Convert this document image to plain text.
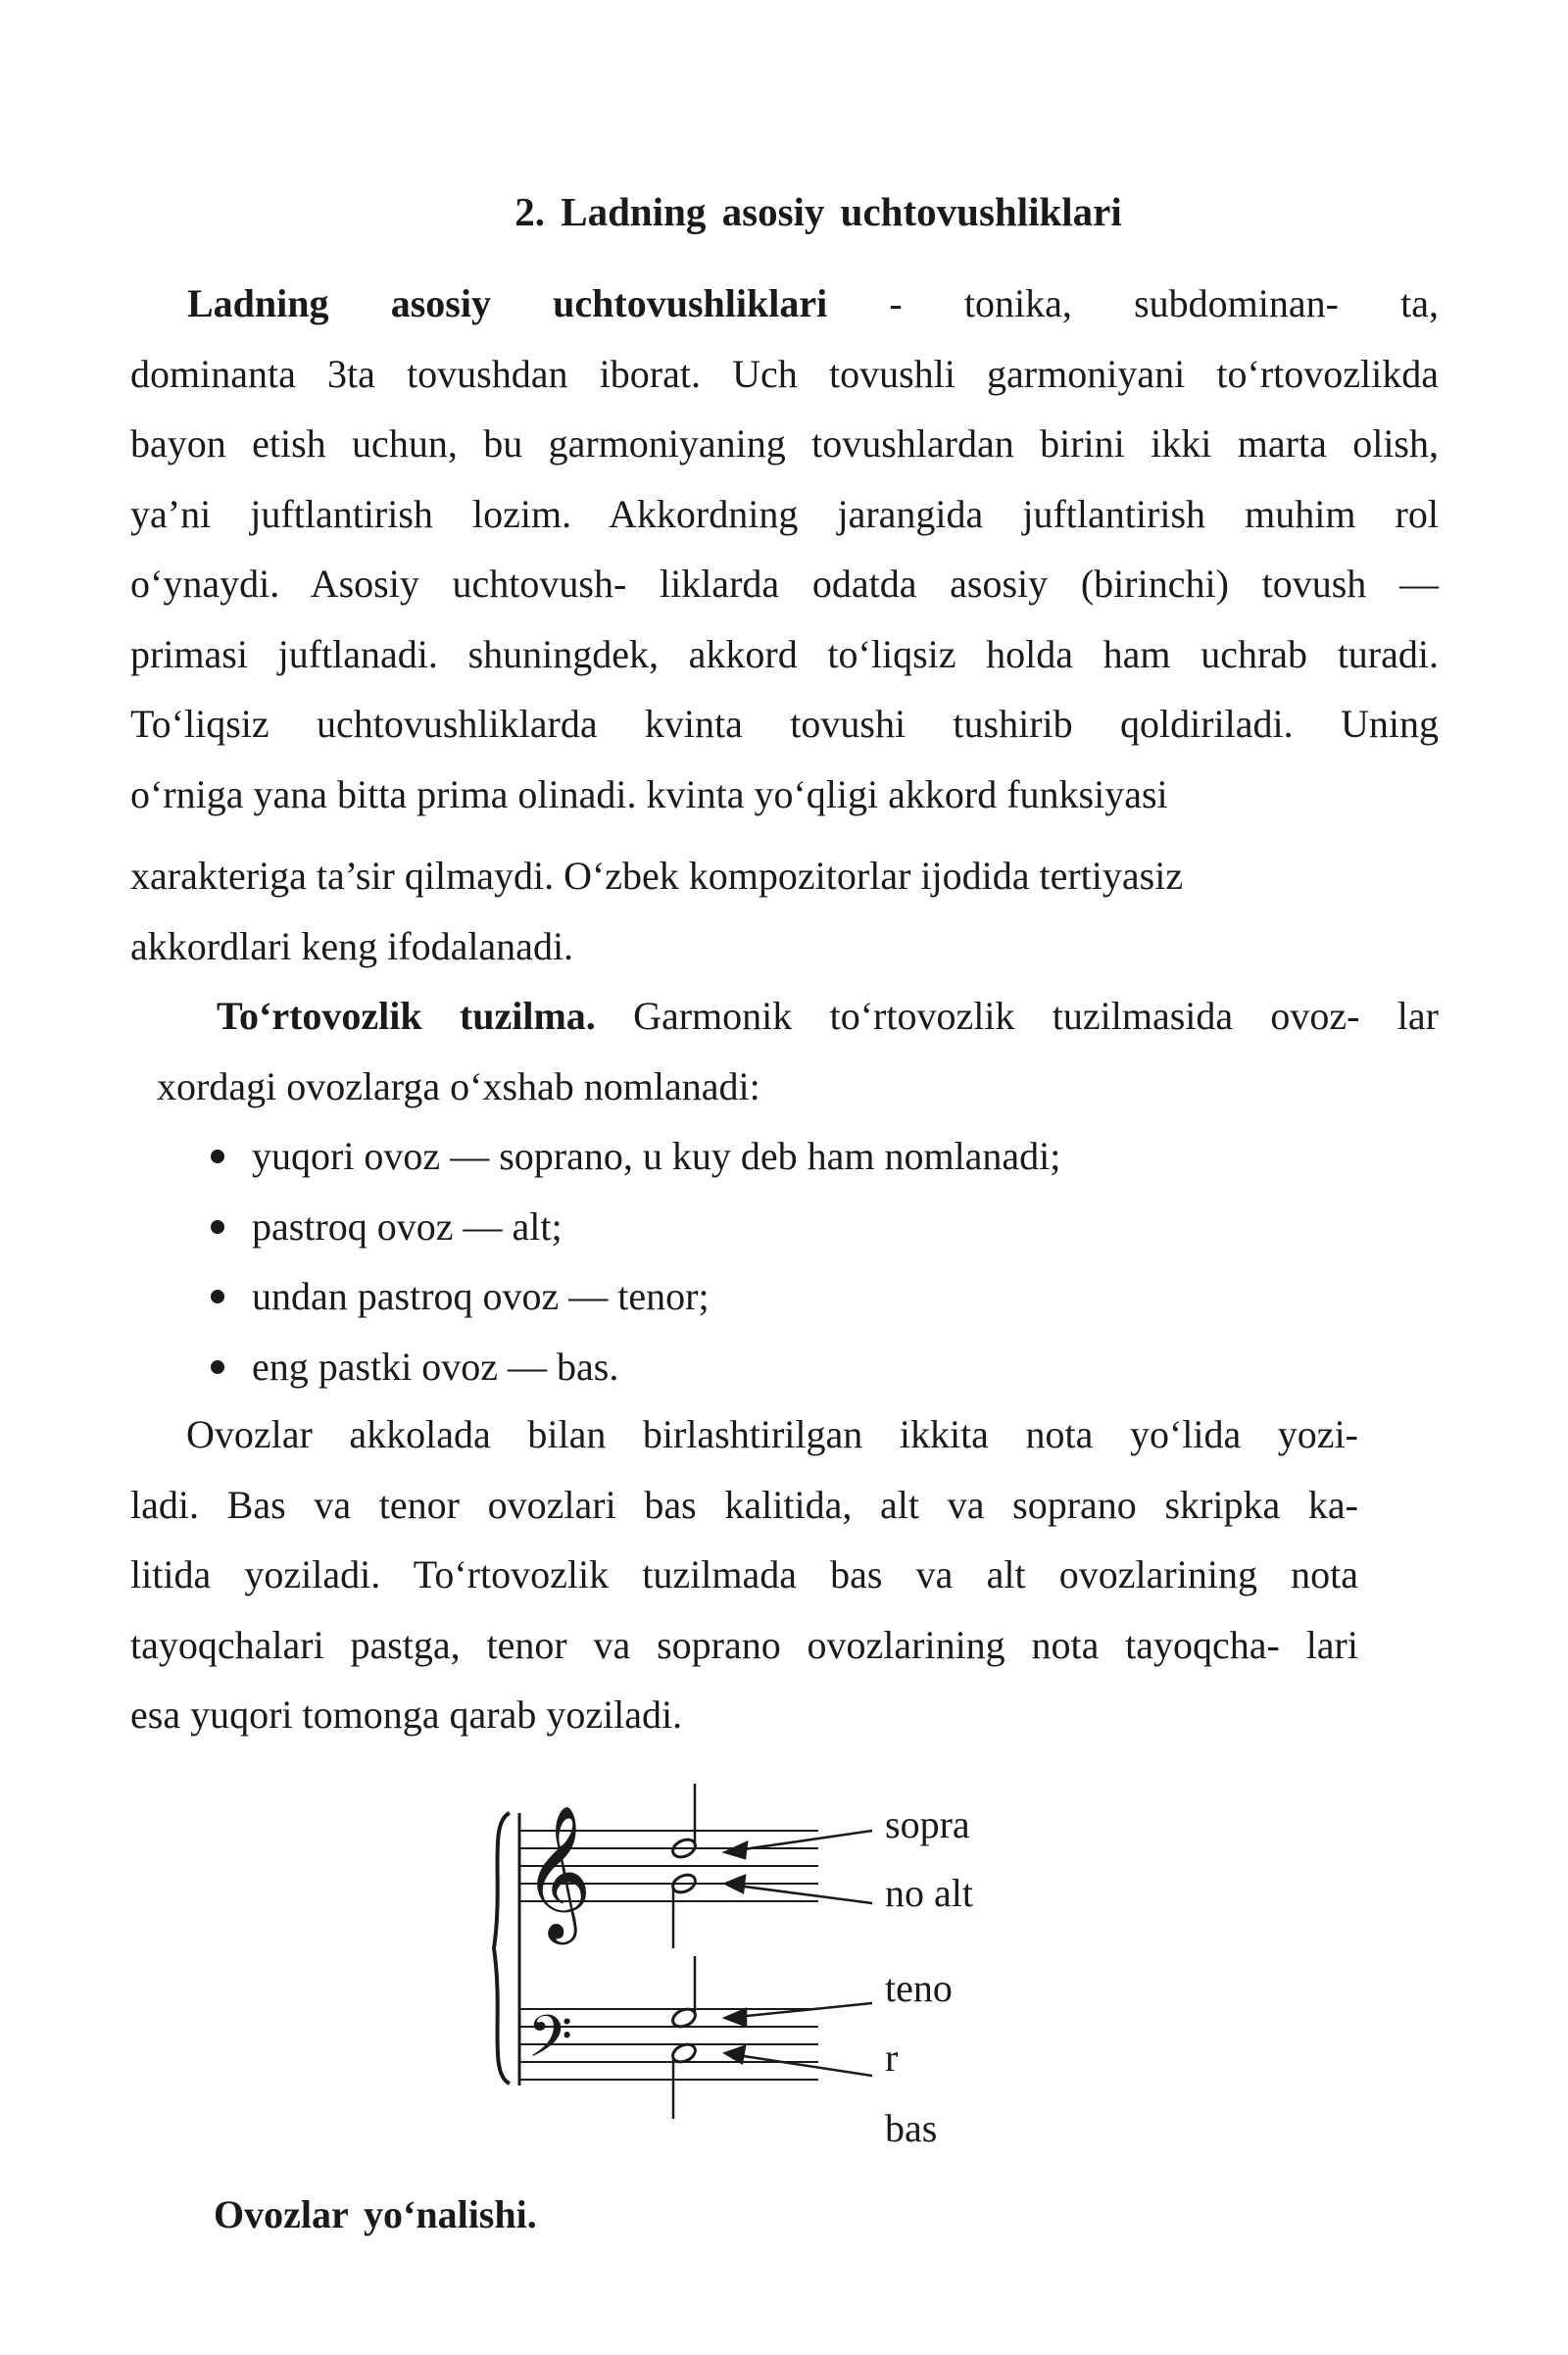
2. Ladning asosiy uchtovushliklari
Ladning asosiy uchtovushliklari - tonika, subdominan- ta,
dominanta 3ta tovushdan iborat. Uch tovushli garmoniyani to‘rtovozlikda
bayon etish uchun, bu garmoniyaning tovushlardan birini ikki marta olish,
ya’ni juftlantirish lozim. Akkordning jarangida juftlantirish muhim rol
o‘ynaydi. Asosiy uchtovush- liklarda odatda asosiy (birinchi) tovush —
primasi juftlanadi. shuningdek, akkord to‘liqsiz holda ham uchrab turadi.
To‘liqsiz uchtovushliklarda kvinta tovushi tushirib qoldiriladi. Uning
o‘rniga yana bitta prima olinadi. kvinta yo‘qligi akkord funksiyasi
xarakteriga ta’sir qilmaydi. O‘zbek kompozitorlar ijodida tertiyasiz
akkordlari keng ifodalanadi.
To‘rtovozlik tuzilma. Garmonik to‘rtovozlik tuzilmasida ovoz- lar
xordagi ovozlarga o‘xshab nomlanadi:
yuqori ovoz — soprano, u kuy deb ham nomlanadi;
pastroq ovoz — alt;
undan pastroq ovoz — tenor;
eng pastki ovoz — bas.
Ovozlar akkolada bilan birlashtirilgan ikkita nota yo‘lida yozi-
ladi. Bas va tenor ovozlari bas kalitida, alt va soprano skripka ka-
litida yoziladi. To‘rtovozlik tuzilmada bas va alt ovozlarining nota
tayoqchalari pastga, tenor va soprano ovozlarining nota tayoqcha- lari
esa yuqori tomonga qarab yoziladi.
𝄞
𝄢
sopra
no alt
teno
r
bas
Ovozlar yo‘nalishi.
